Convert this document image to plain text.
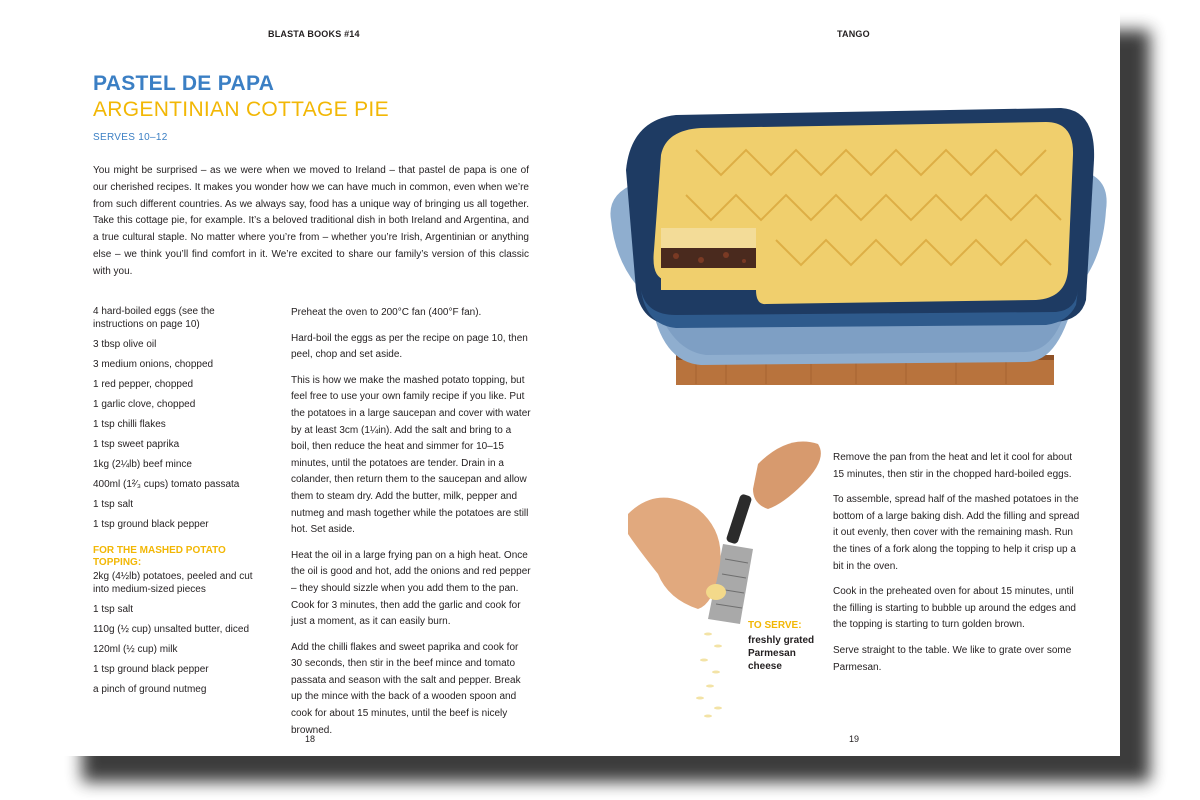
BLASTA BOOKS #14
PASTEL DE PAPA
ARGENTINIAN COTTAGE PIE
SERVES 10–12

You might be surprised – as we were when we moved to Ireland – that pastel de papa is one of our cherished recipes. It makes you wonder how we can have much in common, even when we’re from such different countries. As we always say, food has a unique way of bringing us all together. Take this cottage pie, for example. It’s a beloved traditional dish in both Ireland and Argentina, and a true cultural staple. No matter where you’re from – whether you’re Irish, Argentinian or anything else – we think you’ll find comfort in it. We’re excited to share our family’s version of this classic with you.

4 hard-boiled eggs (see the instructions on page 10)
3 tbsp olive oil
3 medium onions, chopped
1 red pepper, chopped
1 garlic clove, chopped
1 tsp chilli flakes
1 tsp sweet paprika
1kg (2¼lb) beef mince
400ml (1²⁄₃ cups) tomato passata
1 tsp salt
1 tsp ground black pepper
FOR THE MASHED POTATO TOPPING:
2kg (4½lb) potatoes, peeled and cut into medium-sized pieces
1 tsp salt
110g (½ cup) unsalted butter, diced
120ml (½ cup) milk
1 tsp ground black pepper
a pinch of ground nutmeg

Preheat the oven to 200°C fan (400°F fan).

Hard-boil the eggs as per the recipe on page 10, then peel, chop and set aside.

This is how we make the mashed potato topping, but feel free to use your own family recipe if you like. Put the potatoes in a large saucepan and cover with water by at least 3cm (1¼in). Add the salt and bring to a boil, then reduce the heat and simmer for 10–15 minutes, until the potatoes are tender. Drain in a colander, then return them to the saucepan and allow them to steam dry. Add the butter, milk, pepper and nutmeg and mash together while the potatoes are still hot. Set aside.

Heat the oil in a large frying pan on a high heat. Once the oil is good and hot, add the onions and red pepper – they should sizzle when you add them to the pan. Cook for 3 minutes, then add the garlic and cook for just a moment, as it can easily burn.

Add the chilli flakes and sweet paprika and cook for 30 seconds, then stir in the beef mince and tomato passata and season with the salt and pepper. Break up the mince with the back of a wooden spoon and cook for about 15 minutes, until the beef is nicely browned.

18
TANGO
TO SERVE:
freshly grated Parmesan cheese

Remove the pan from the heat and let it cool for about 15 minutes, then stir in the chopped hard-boiled eggs.

To assemble, spread half of the mashed potatoes in the bottom of a large baking dish. Add the filling and spread it out evenly, then cover with the remaining mash. Run the tines of a fork along the topping to help it crisp up a bit in the oven.

Cook in the preheated oven for about 15 minutes, until the filling is starting to bubble up around the edges and the topping is starting to turn golden brown.

Serve straight to the table. We like to grate over some Parmesan.

19
